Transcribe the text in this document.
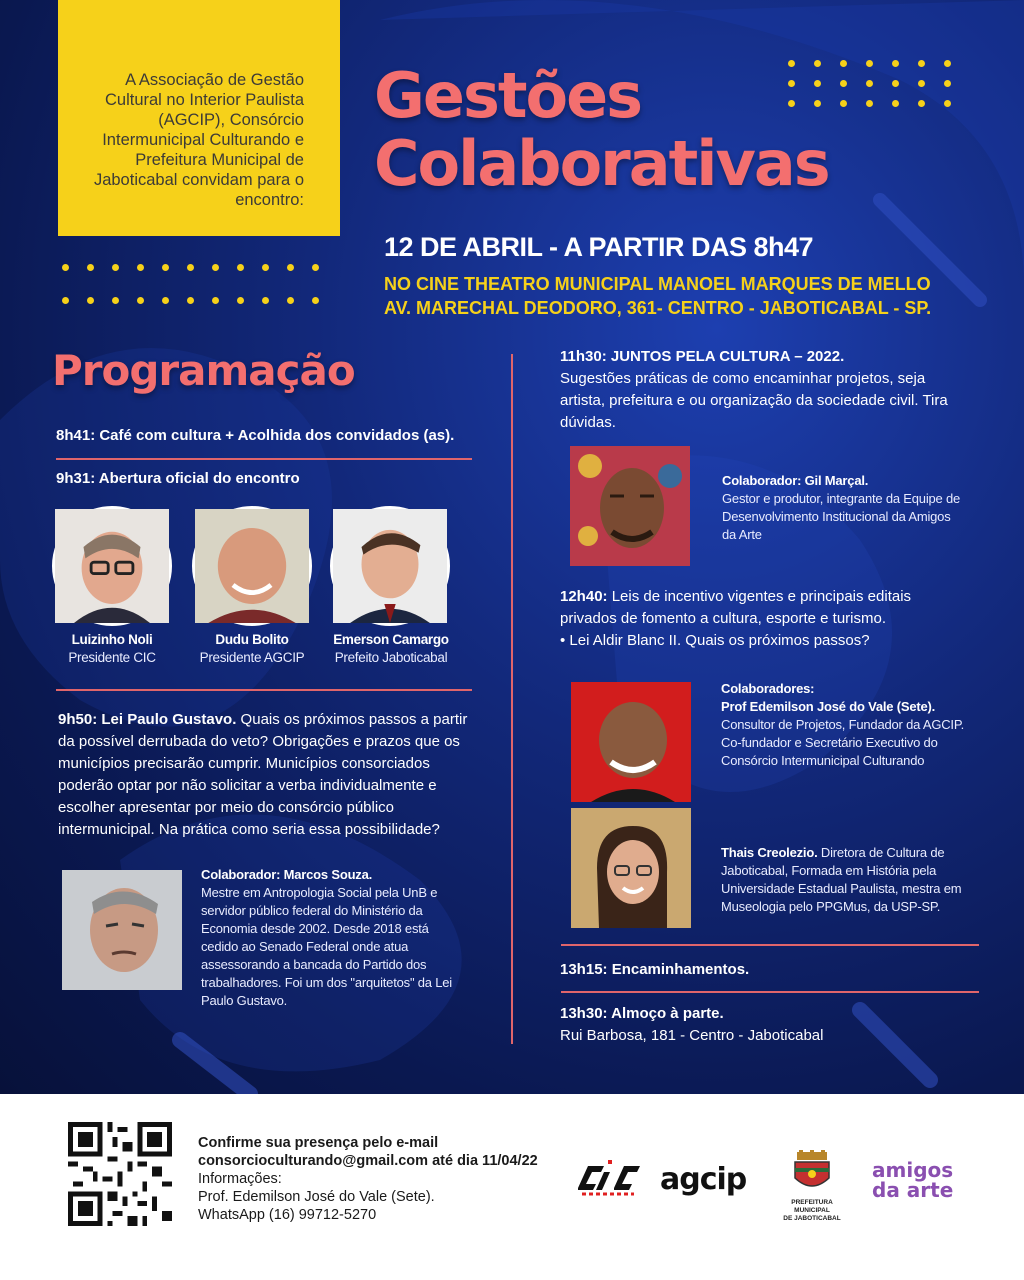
A Associação de Gestão Cultural no Interior Paulista (AGCIP), Consórcio Intermunicipal Culturando e Prefeitura Municipal de Jaboticabal convidam para o encontro:
Gestões
Colaborativas
12 DE ABRIL - A PARTIR DAS 8h47
NO CINE THEATRO MUNICIPAL MANOEL MARQUES DE MELLO
AV. MARECHAL DEODORO, 361- CENTRO - JABOTICABAL - SP.
Programação
8h41: Café com cultura + Acolhida dos convidados (as).
9h31: Abertura oficial do encontro
Luizinho Noli
Presidente CIC
Dudu Bolito
Presidente AGCIP
Emerson Camargo
Prefeito Jaboticabal
9h50: Lei Paulo Gustavo. Quais os próximos passos a partir da possível derrubada do veto? Obrigações e prazos que os municípios precisarão cumprir. Municípios consorciados poderão optar por não solicitar a verba individualmente e escolher apresentar por meio do consórcio público intermunicipal. Na prática como seria essa possibilidade?
Colaborador: Marcos Souza.
Mestre em Antropologia Social pela UnB e servidor público federal do Ministério da Economia desde 2002. Desde 2018 está cedido ao Senado Federal onde atua assessorando a bancada do Partido dos trabalhadores. Foi um dos "arquitetos" da Lei Paulo Gustavo.
11h30: JUNTOS PELA CULTURA – 2022.
Sugestões práticas de como encaminhar projetos, seja artista, prefeitura e ou organização da sociedade civil. Tira dúvidas.
Colaborador: Gil Marçal.
Gestor e produtor, integrante da Equipe de Desenvolvimento Institucional da Amigos da Arte
12h40: Leis de incentivo vigentes e principais editais privados de fomento a cultura, esporte e turismo.
• Lei Aldir Blanc II. Quais os próximos passos?
Colaboradores:
Prof Edemilson José do Vale (Sete).
Consultor de Projetos, Fundador da AGCIP. Co-fundador e Secretário Executivo do Consórcio Intermunicipal Culturando
Thais Creolezio. Diretora de Cultura de Jaboticabal, Formada em História pela Universidade Estadual Paulista, mestra em Museologia pelo PPGMus, da USP-SP.
13h15: Encaminhamentos.
13h30: Almoço à parte.
Rui Barbosa, 181 - Centro - Jaboticabal
Confirme sua presença pelo e-mail
consorcioculturando@gmail.com até dia 11/04/22
Informações:
Prof. Edemilson José do Vale (Sete).
WhatsApp (16) 99712-5270
CIC
agcip
PREFEITURA MUNICIPAL
DE JABOTICABAL
amigos
da arte
